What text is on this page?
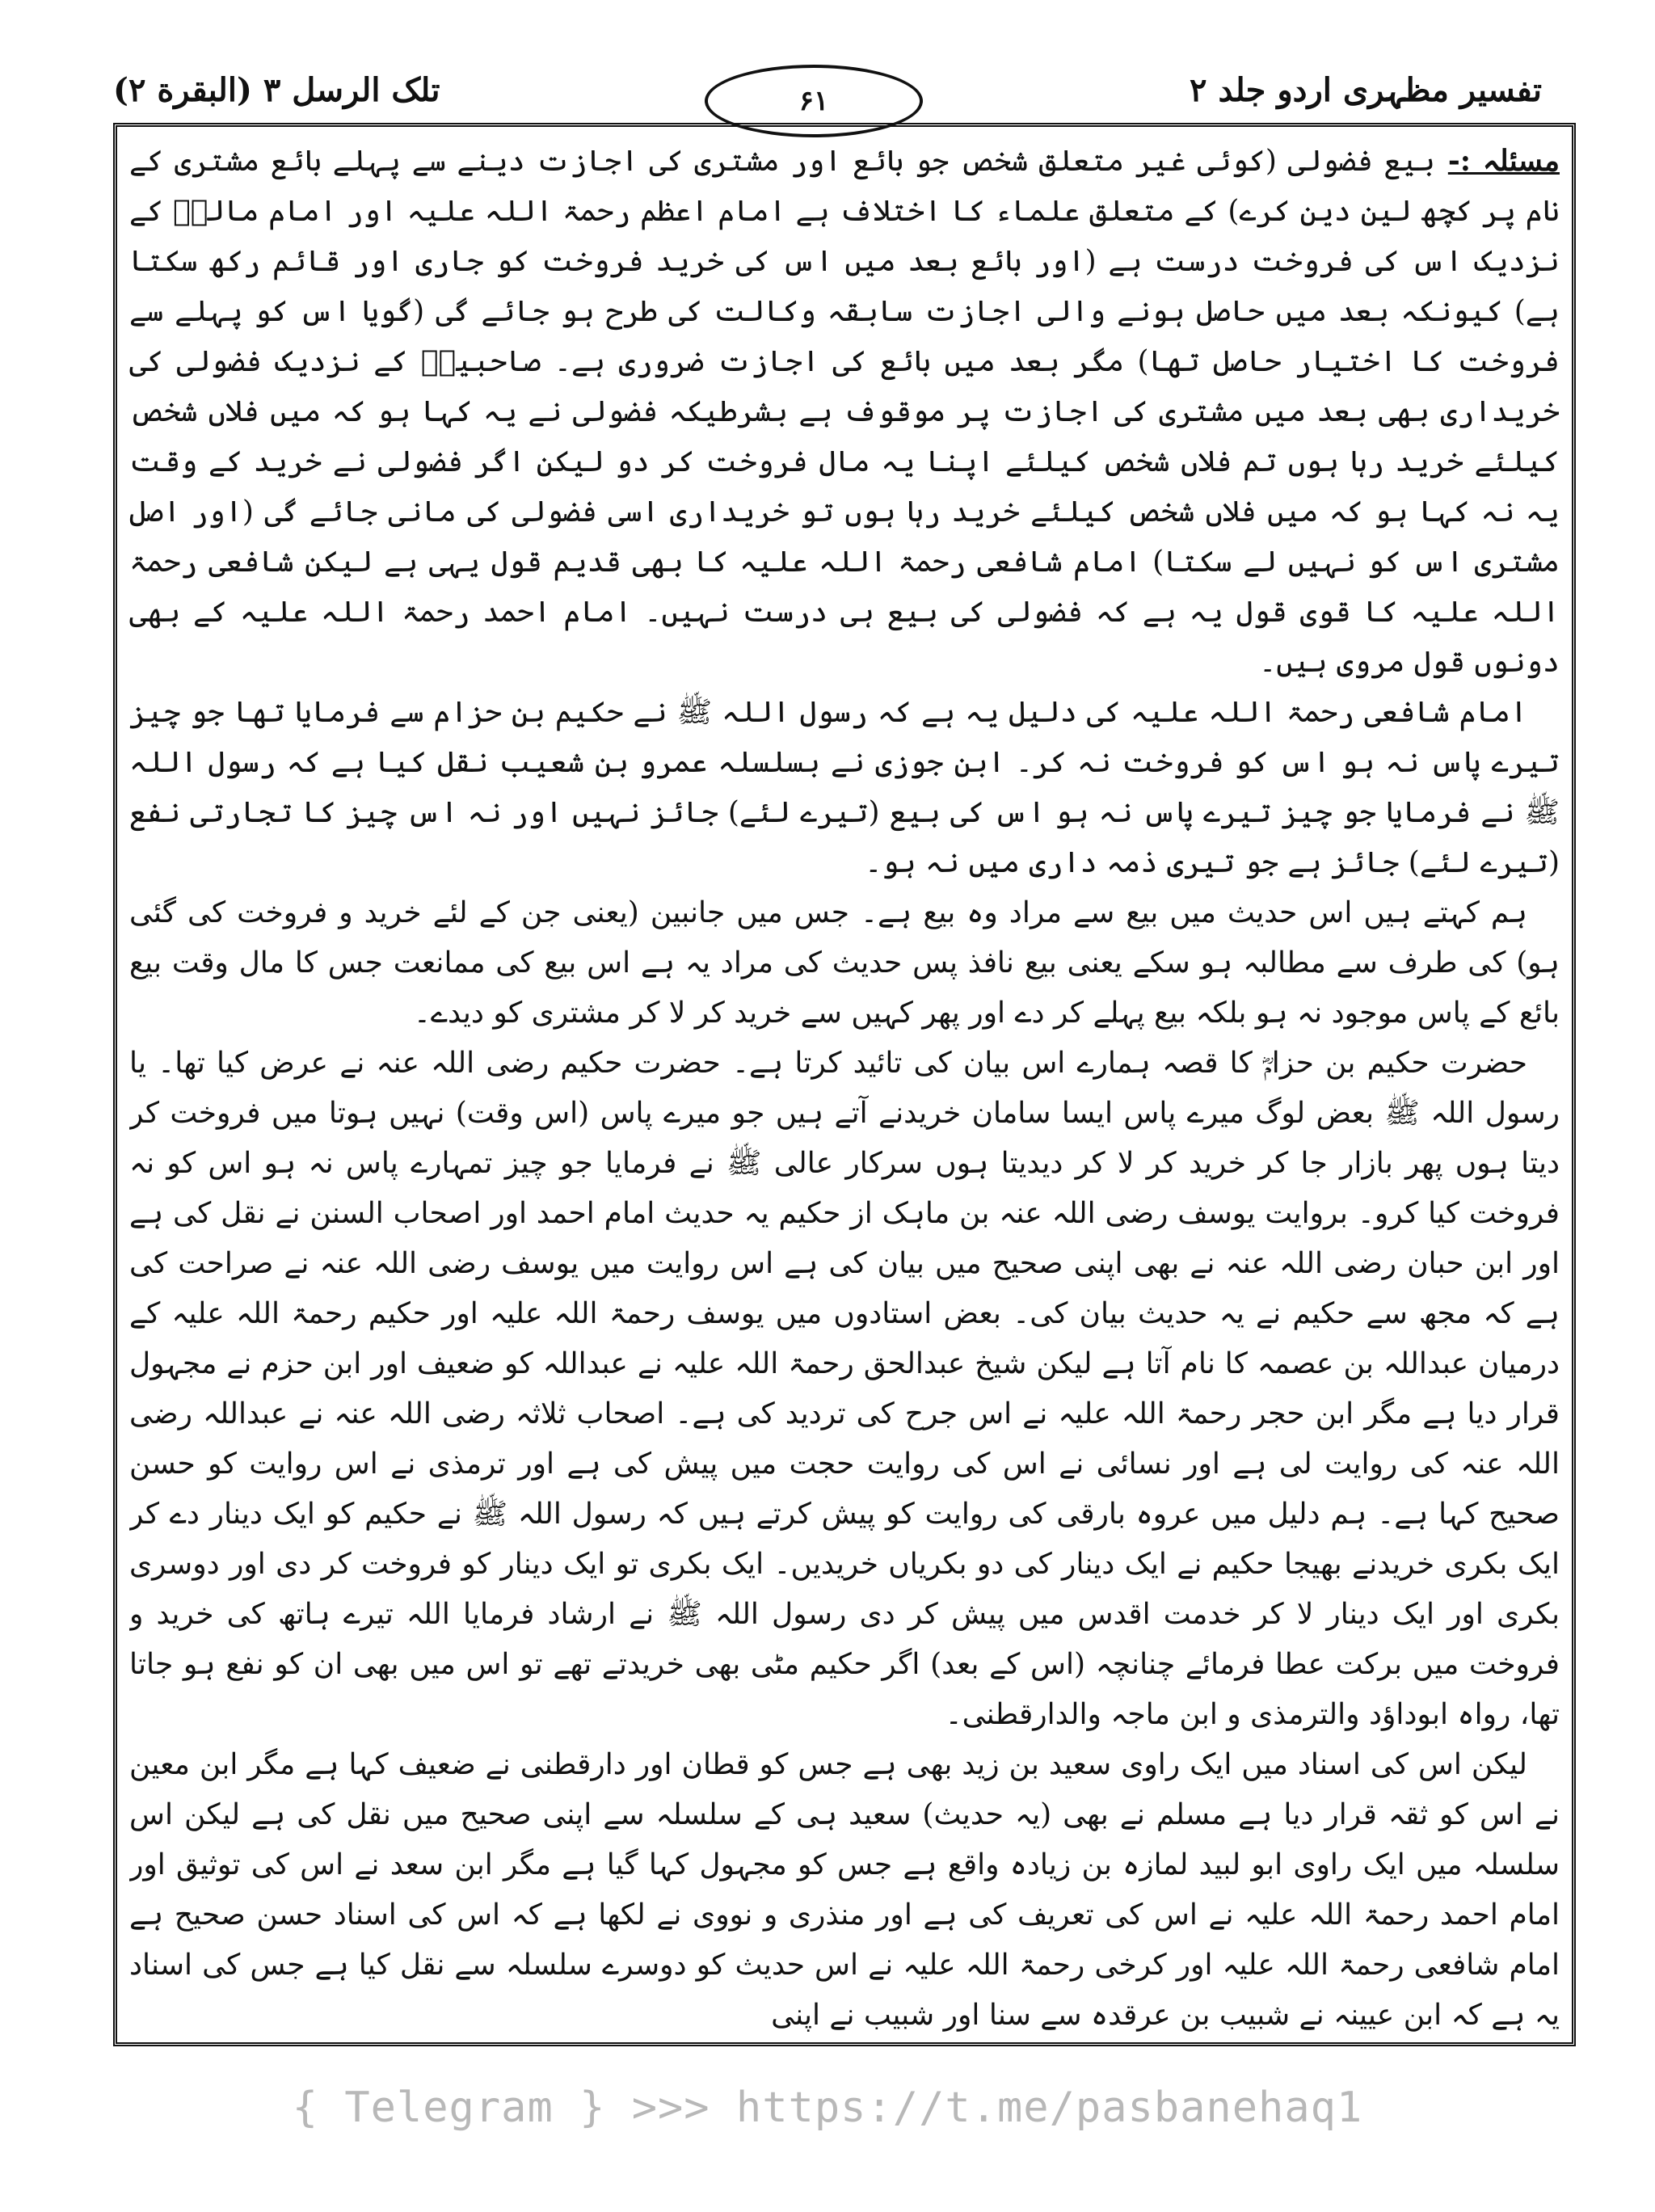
تلک الرسل ۳ (البقرة ۲)	۶۱	تفسیر مظہری اردو جلد ۲

مسئلہ :-بیع فضولی (کوئی غیر متعلق شخص جو بائع اور مشتری کی اجازت دینے سے پہلے بائع مشتری کے نام پر کچھ لین دین کرے) کے متعلق علماء کا اختلاف ہے امام اعظم رحمۃ اللہ علیہ اور امام مالکؒ کے نزدیک اس کی فروخت درست ہے (اور بائع بعد میں اس کی خرید فروخت کو جاری اور قائم رکھ سکتا ہے) کیونکہ بعد میں حاصل ہونے والی اجازت سابقہ وکالت کی طرح ہو جائے گی (گویا اس کو پہلے سے فروخت کا اختیار حاصل تھا) مگر بعد میں بائع کی اجازت ضروری ہے۔ صاحبینؒ کے نزدیک فضولی کی خریداری بھی بعد میں مشتری کی اجازت پر موقوف ہے بشرطیکہ فضولی نے یہ کہا ہو کہ میں فلاں شخص کیلئے خرید رہا ہوں تم فلاں شخص کیلئے اپنا یہ مال فروخت کر دو لیکن اگر فضولی نے خرید کے وقت یہ نہ کہا ہو کہ میں فلاں شخص کیلئے خرید رہا ہوں تو خریداری اسی فضولی کی مانی جائے گی (اور اصل مشتری اس کو نہیں لے سکتا) امام شافعی رحمۃ اللہ علیہ کا بھی قدیم قول یہی ہے لیکن شافعی رحمۃ اللہ علیہ کا قوی قول یہ ہے کہ فضولی کی بیع ہی درست نہیں۔ امام احمد رحمۃ اللہ علیہ کے بھی دونوں قول مروی ہیں۔

امام شافعی رحمۃ اللہ علیہ کی دلیل یہ ہے کہ رسول اللہ ﷺ نے حکیم بن حزام سے فرمایا تھا جو چیز تیرے پاس نہ ہو اس کو فروخت نہ کر۔ ابن جوزی نے بسلسلہ عمرو بن شعیب نقل کیا ہے کہ رسول اللہ ﷺ نے فرمایا جو چیز تیرے پاس نہ ہو اس کی بیع (تیرے لئے) جائز نہیں اور نہ اس چیز کا تجارتی نفع (تیرے لئے) جائز ہے جو تیری ذمہ داری میں نہ ہو۔

ہم کہتے ہیں اس حدیث میں بیع سے مراد وہ بیع ہے۔ جس میں جانبین (یعنی جن کے لئے خرید و فروخت کی گئی ہو) کی طرف سے مطالبہ ہو سکے یعنی بیع نافذ پس حدیث کی مراد یہ ہے اس بیع کی ممانعت جس کا مال وقت بیع بائع کے پاس موجود نہ ہو بلکہ بیع پہلے کر دے اور پھر کہیں سے خرید کر لا کر مشتری کو دیدے۔

حضرت حکیم بن حزامؓ کا قصہ ہمارے اس بیان کی تائید کرتا ہے۔ حضرت حکیم رضی اللہ عنہ نے عرض کیا تھا۔ یا رسول اللہ ﷺ بعض لوگ میرے پاس ایسا سامان خریدنے آتے ہیں جو میرے پاس (اس وقت) نہیں ہوتا میں فروخت کر دیتا ہوں پھر بازار جا کر خرید کر لا کر دیدیتا ہوں سرکار عالی ﷺ نے فرمایا جو چیز تمہارے پاس نہ ہو اس کو نہ فروخت کیا کرو۔ بروایت یوسف رضی اللہ عنہ بن ماہک از حکیم یہ حدیث امام احمد اور اصحاب السنن نے نقل کی ہے اور ابن حبان رضی اللہ عنہ نے بھی اپنی صحیح میں بیان کی ہے اس روایت میں یوسف رضی اللہ عنہ نے صراحت کی ہے کہ مجھ سے حکیم نے یہ حدیث بیان کی۔ بعض استادوں میں یوسف رحمۃ اللہ علیہ اور حکیم رحمۃ اللہ علیہ کے درمیان عبداللہ بن عصمہ کا نام آتا ہے لیکن شیخ عبدالحق رحمۃ اللہ علیہ نے عبداللہ کو ضعیف اور ابن حزم نے مجہول قرار دیا ہے مگر ابن حجر رحمۃ اللہ علیہ نے اس جرح کی تردید کی ہے۔ اصحاب ثلاثہ رضی اللہ عنہ نے عبداللہ رضی اللہ عنہ کی روایت لی ہے اور نسائی نے اس کی روایت حجت میں پیش کی ہے اور ترمذی نے اس روایت کو حسن صحیح کہا ہے۔ ہم دلیل میں عروہ بارقی کی روایت کو پیش کرتے ہیں کہ رسول اللہ ﷺ نے حکیم کو ایک دینار دے کر ایک بکری خریدنے بھیجا حکیم نے ایک دینار کی دو بکریاں خریدیں۔ ایک بکری تو ایک دینار کو فروخت کر دی اور دوسری بکری اور ایک دینار لا کر خدمت اقدس میں پیش کر دی رسول اللہ ﷺ نے ارشاد فرمایا اللہ تیرے ہاتھ کی خرید و فروخت میں برکت عطا فرمائے چنانچہ (اس کے بعد) اگر حکیم مٹی بھی خریدتے تھے تو اس میں بھی ان کو نفع ہو جاتا تھا، رواہ ابوداؤد والترمذی و ابن ماجہ والدارقطنی۔

لیکن اس کی اسناد میں ایک راوی سعید بن زید بھی ہے جس کو قطان اور دارقطنی نے ضعیف کہا ہے مگر ابن معین نے اس کو ثقہ قرار دیا ہے مسلم نے بھی (یہ حدیث) سعید ہی کے سلسلہ سے اپنی صحیح میں نقل کی ہے لیکن اس سلسلہ میں ایک راوی ابو لبید لمازہ بن زیادہ واقع ہے جس کو مجہول کہا گیا ہے مگر ابن سعد نے اس کی توثیق اور امام احمد رحمۃ اللہ علیہ نے اس کی تعریف کی ہے اور منذری و نووی نے لکھا ہے کہ اس کی اسناد حسن صحیح ہے امام شافعی رحمۃ اللہ علیہ اور کرخی رحمۃ اللہ علیہ نے اس حدیث کو دوسرے سلسلہ سے نقل کیا ہے جس کی اسناد یہ ہے کہ ابن عیینہ نے شبیب بن عرقدہ سے سنا اور شبیب نے اپنی

{ Telegram } >>> https://t.me/pasbanehaq1
